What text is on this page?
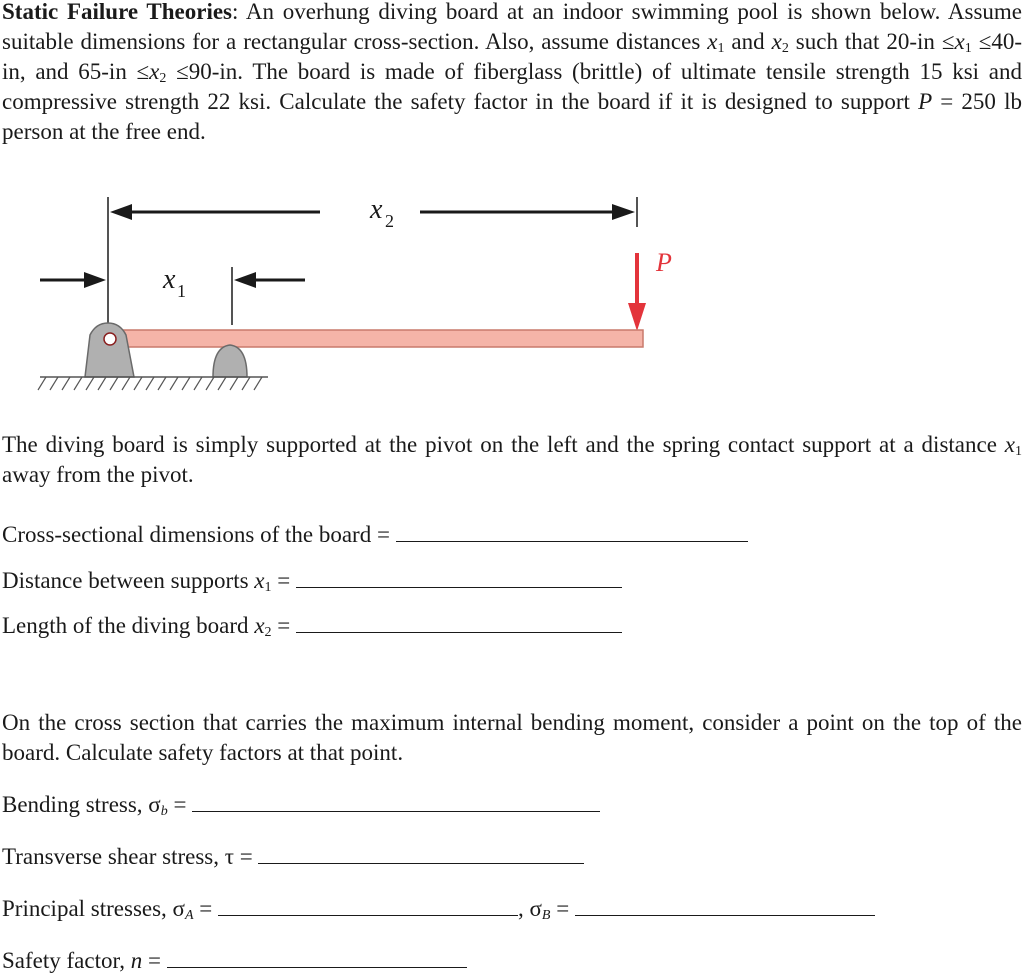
Static Failure Theories: An overhung diving board at an indoor swimming pool is shown below. Assume suitable dimensions for a rectangular cross-section. Also, assume distances $x_1$ and $x_2$ such that $20-in \le x_1 \le 40-in$, and $65-in \le x_2 \le 90-in$. The board is made of fiberglass (brittle) of ultimate tensile strength 15 ksi and compressive strength 22 ksi. Calculate the safety factor in the board if it is designed to support P = 250 lb person at the free end.
x 2
x 1
P
The diving board is simply supported at the pivot on the left and the spring contact support at a distance $x_1$ away from the pivot.
Cross-sectional dimensions of the board =
Distance between supports $x_1$ =
Length of the diving board $x_2$ =
On the cross section that carries the maximum internal bending moment, consider a point on the top of the board. Calculate safety factors at that point.
Bending stress, $\sigma_b$ =
Transverse shear stress, τ =
Principal stresses, $\sigma_A$ =	, $\sigma_B$ =
Safety factor, n =
